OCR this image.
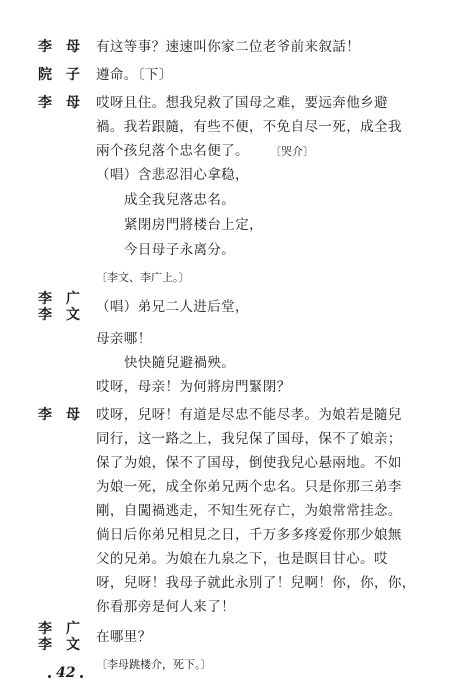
李　母 有这等事？速速叫你家二位老爷前来叙話！
院　子 遵命。〔下〕
李　母 哎呀且住。想我兒救了国母之难，要远奔他乡避
禍。我若跟隨，有些不便，不免自尽一死，成全我
兩个孩兒落个忠名便了。 〔哭介〕
（唱）含悲忍泪心拿稳，
成全我兒落忠名。
紧閉房門將楼台上定，
今日母子永离分。
〔李文、李广上。〕
李　广
李　文 （唱）弟兄二人进后堂，
母亲哪！
快快隨兒避禍殃。
哎呀，母亲！为何將房門緊閉？
李　母 哎呀，兒呀！有道是尽忠不能尽孝。为娘若是隨兒
同行，这一路之上，我兒保了国母，保不了娘亲；
保了为娘，保不了国母，倒使我兒心悬兩地。不如
为娘一死，成全你弟兄两个忠名。只是你那三弟李
剛，自闖禍逃走，不知生死存亡，为娘常常挂念。
倘日后你弟兄相見之日，千万多多疼爱你那少娘無
父的兄弟。为娘在九泉之下，也是瞑目甘心。哎
呀，兒呀！我母子就此永別了！兒啊！你，你，你，
你看那旁是何人来了！
李　广
李　文 在哪里？
〔李母跳楼介，死下。〕
42
